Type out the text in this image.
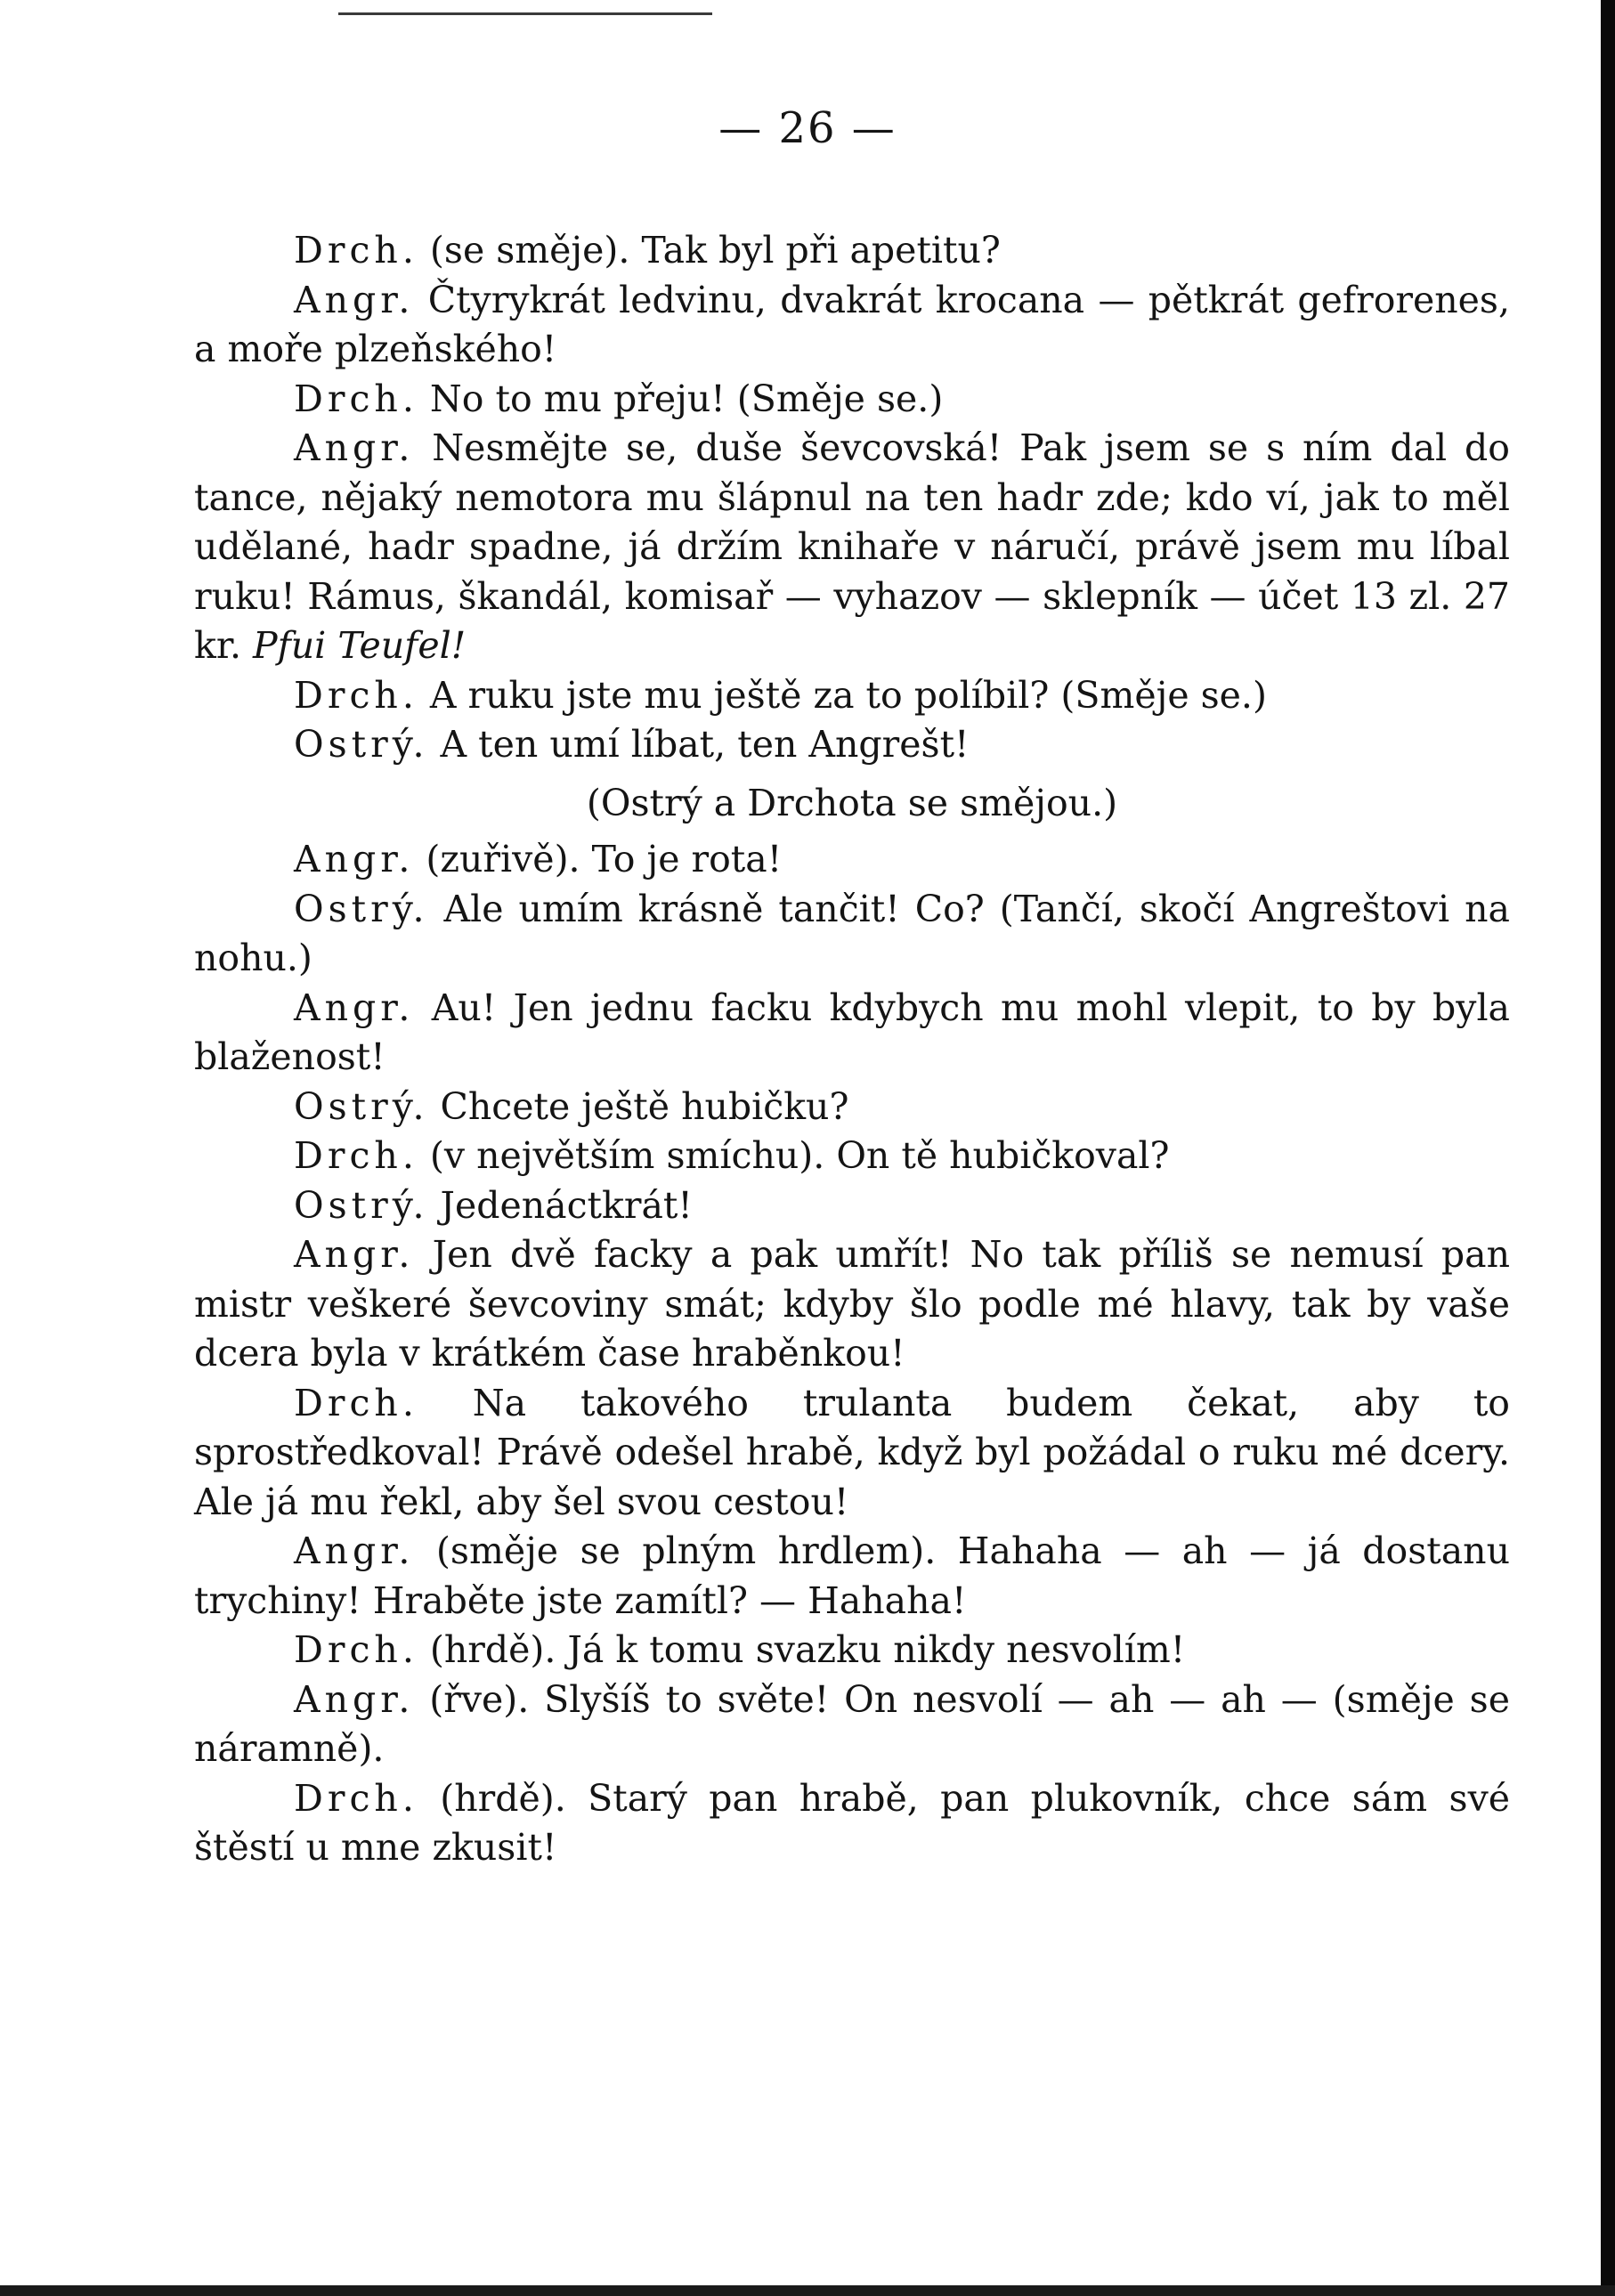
— 26 —

Drch. (se směje). Tak byl při apetitu?

Angr. Čtyrykrát ledvinu, dvakrát krocana — pětkrát gefrorenes, a moře plzeňského!

Drch. No to mu přeju! (Směje se.)

Angr. Nesmějte se, duše ševcovská! Pak jsem se s ním dal do tance, nějaký nemotora mu šlápnul na ten hadr zde; kdo ví, jak to měl udělané, hadr spadne, já držím knihaře v náručí, právě jsem mu líbal ruku! Rámus, škandál, komisař — vyhazov — sklepník — účet 13 zl. 27 kr. Pfui Teufel!

Drch. A ruku jste mu ještě za to políbil? (Směje se.)

Ostrý. A ten umí líbat, ten Angrešt!

(Ostrý a Drchota se smějou.)

Angr. (zuřivě). To je rota!

Ostrý. Ale umím krásně tančit! Co? (Tančí, skočí Angreštovi na nohu.)

Angr. Au! Jen jednu facku kdybych mu mohl vlepit, to by byla blaženost!

Ostrý. Chcete ještě hubičku?

Drch. (v největším smíchu). On tě hubičkoval?

Ostrý. Jedenáctkrát!

Angr. Jen dvě facky a pak umřít! No tak příliš se nemusí pan mistr veškeré ševcoviny smát; kdyby šlo podle mé hlavy, tak by vaše dcera byla v krátkém čase hraběnkou!

Drch. Na takového trulanta budem čekat, aby to sprostředkoval! Právě odešel hrabě, když byl požádal o ruku mé dcery. Ale já mu řekl, aby šel svou cestou!

Angr. (směje se plným hrdlem). Hahaha — ah — já dostanu trychiny! Hraběte jste zamítl? — Hahaha!

Drch. (hrdě). Já k tomu svazku nikdy nesvolím!

Angr. (řve). Slyšíš to světe! On nesvolí — ah — ah — (směje se náramně).

Drch. (hrdě). Starý pan hrabě, pan plukovník, chce sám své štěstí u mne zkusit!
